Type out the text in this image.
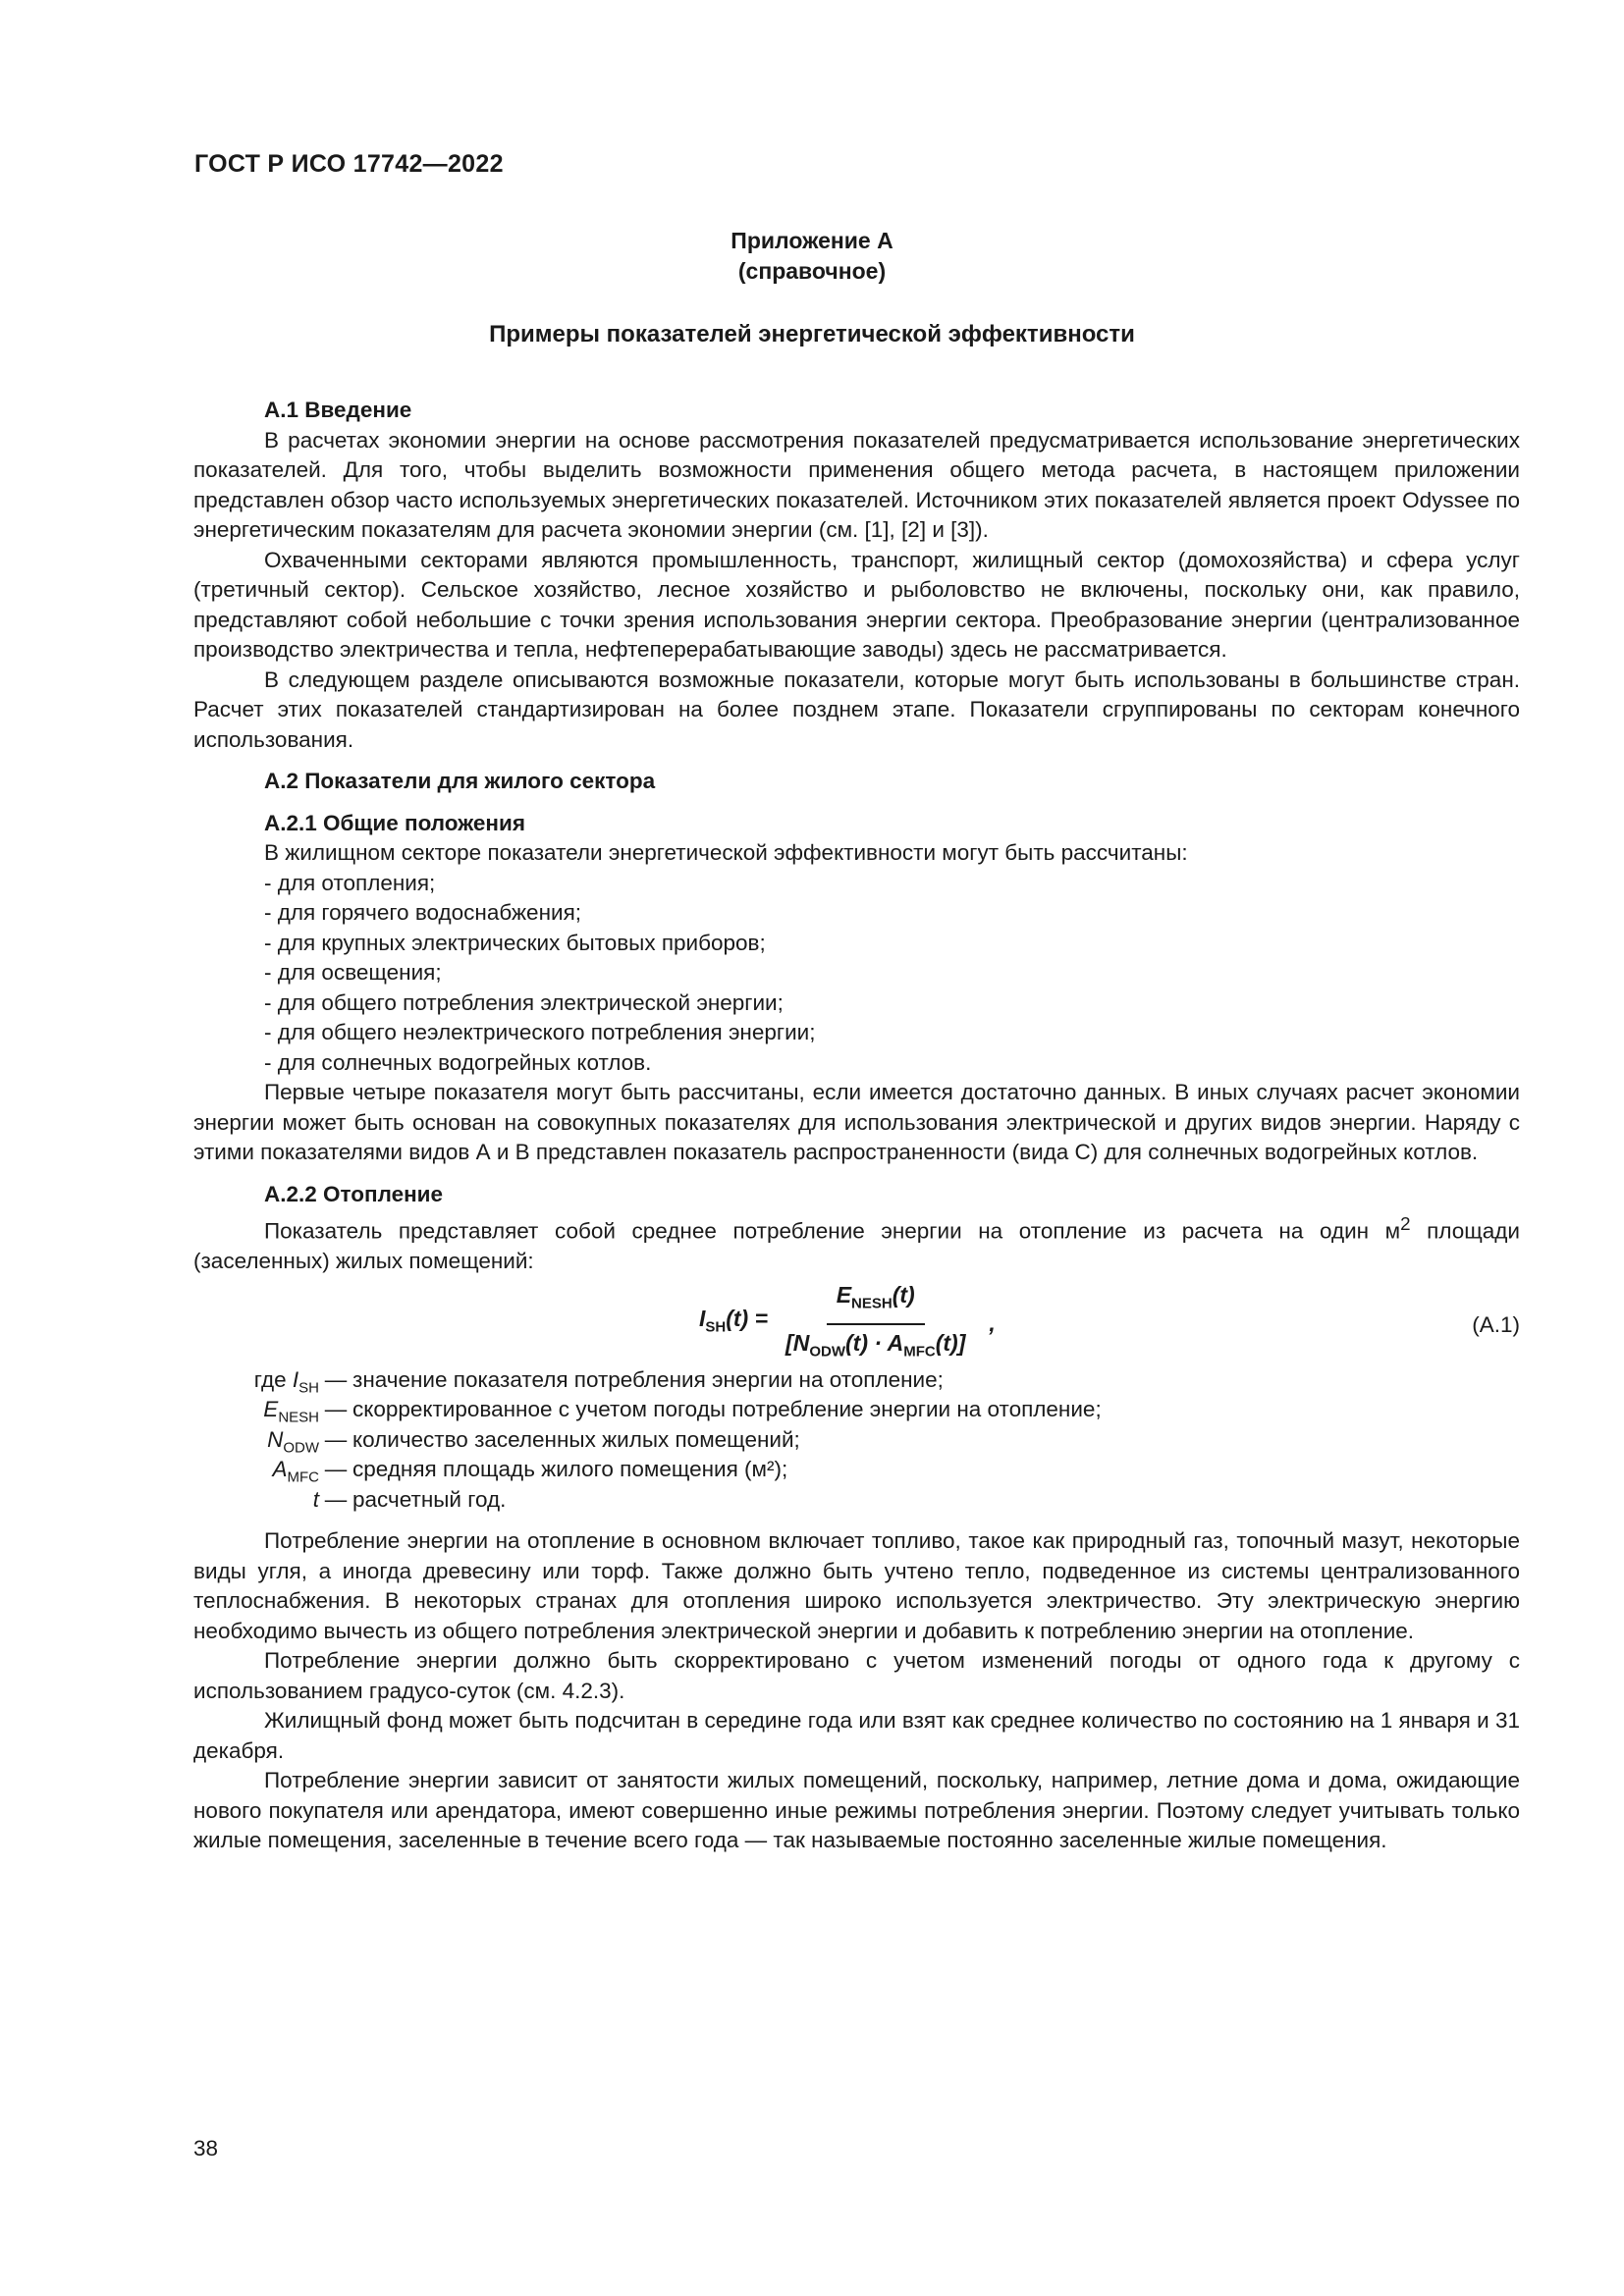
ГОСТ Р ИСО 17742—2022
Приложение А
(справочное)
Примеры показателей энергетической эффективности
А.1 Введение

В расчетах экономии энергии на основе рассмотрения показателей предусматривается использование энергетических показателей. Для того, чтобы выделить возможности применения общего метода расчета, в настоящем приложении представлен обзор часто используемых энергетических показателей. Источником этих показателей является проект Odyssee по энергетическим показателям для расчета экономии энергии (см. [1], [2] и [3]).

Охваченными секторами являются промышленность, транспорт, жилищный сектор (домохозяйства) и сфера услуг (третичный сектор). Сельское хозяйство, лесное хозяйство и рыболовство не включены, поскольку они, как правило, представляют собой небольшие с точки зрения использования энергии сектора. Преобразование энергии (централизованное производство электричества и тепла, нефтеперерабатывающие заводы) здесь не рассматривается.

В следующем разделе описываются возможные показатели, которые могут быть использованы в большинстве стран. Расчет этих показателей стандартизирован на более позднем этапе. Показатели сгруппированы по секторам конечного использования.

А.2 Показатели для жилого сектора
А.2.1 Общие положения

В жилищном секторе показатели энергетической эффективности могут быть рассчитаны:

- для отопления;
- для горячего водоснабжения;
- для крупных электрических бытовых приборов;
- для освещения;
- для общего потребления электрической энергии;
- для общего неэлектрического потребления энергии;
- для солнечных водогрейных котлов.

Первые четыре показателя могут быть рассчитаны, если имеется достаточно данных. В иных случаях расчет экономии энергии может быть основан на совокупных показателях для использования электрической и других видов энергии. Наряду с этими показателями видов А и В представлен показатель распространенности (вида С) для солнечных водогрейных котлов.

А.2.2 Отопление

Показатель представляет собой среднее потребление энергии на отопление из расчета на один $м^2$ площади (заселенных) жилых помещений:

$I_{SH}(t) = \frac{E_{NESH}(t)}{[N_{ODW}(t) \cdot A_{MFC}(t)]}$ ,	(А.1)
где $I_{SH}$ — значение показателя потребления энергии на отопление;
$E_{NESH}$ — скорректированное с учетом погоды потребление энергии на отопление;
$N_{ODW}$ — количество заселенных жилых помещений;
$A_{MFC}$ — средняя площадь жилого помещения (м²);
t — расчетный год.

Потребление энергии на отопление в основном включает топливо, такое как природный газ, топочный мазут, некоторые виды угля, а иногда древесину или торф. Также должно быть учтено тепло, подведенное из системы централизованного теплоснабжения. В некоторых странах для отопления широко используется электричество. Эту электрическую энергию необходимо вычесть из общего потребления электрической энергии и добавить к потреблению энергии на отопление.

Потребление энергии должно быть скорректировано с учетом изменений погоды от одного года к другому с использованием градусо-суток (см. 4.2.3).

Жилищный фонд может быть подсчитан в середине года или взят как среднее количество по состоянию на 1 января и 31 декабря.

Потребление энергии зависит от занятости жилых помещений, поскольку, например, летние дома и дома, ожидающие нового покупателя или арендатора, имеют совершенно иные режимы потребления энергии. Поэтому следует учитывать только жилые помещения, заселенные в течение всего года — так называемые постоянно заселенные жилые помещения.

38
